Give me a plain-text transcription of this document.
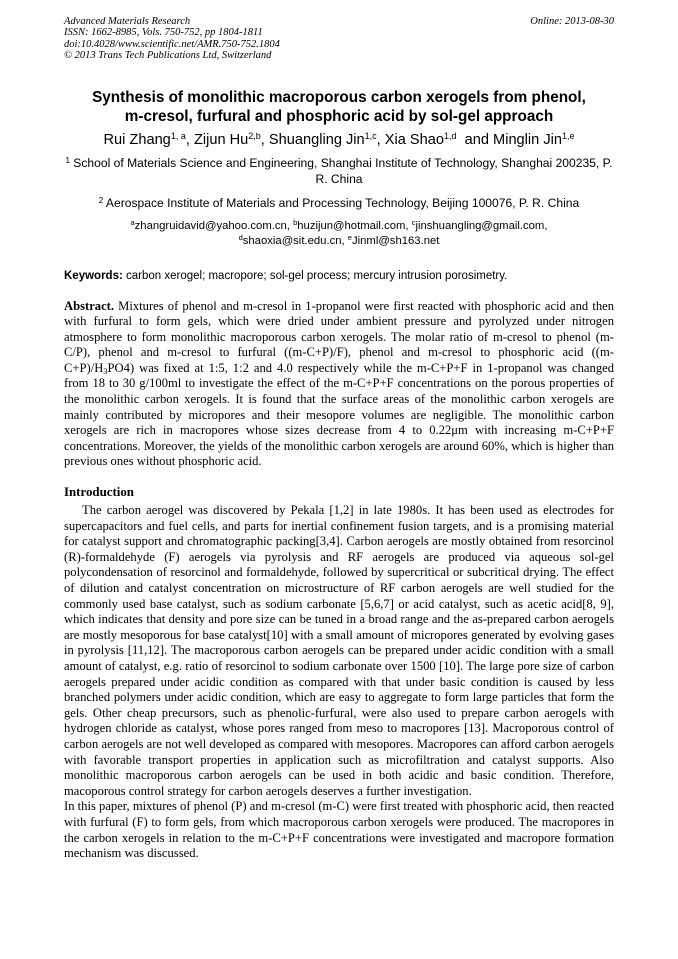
Advanced Materials Research
ISSN: 1662-8985, Vols. 750-752, pp 1804-1811
doi:10.4028/www.scientific.net/AMR.750-752.1804
© 2013 Trans Tech Publications Ltd, Switzerland
Online: 2013-08-30
Synthesis of monolithic macroporous carbon xerogels from phenol,
m-cresol, furfural and phosphoric acid by sol-gel approach
Rui Zhang$^{1, a}$, Zijun Hu$^{2,b}$, Shuangling Jin$^{1,c}$, Xia Shao$^{1,d}$  and Minglin Jin$^{1,e}$
$^1$ School of Materials Science and Engineering, Shanghai Institute of Technology, Shanghai 200235, P. R. China
$^2$ Aerospace Institute of Materials and Processing Technology, Beijing 100076, P. R. China
$^a$zhangruidavid@yahoo.com.cn, $^b$huzijun@hotmail.com, $^c$jinshuangling@gmail.com,
$^d$shaoxia@sit.edu.cn, $^e$Jinml@sh163.net
Keywords: carbon xerogel; macropore; sol-gel process; mercury intrusion porosimetry.
Abstract. Mixtures of phenol and m-cresol in 1-propanol were first reacted with phosphoric acid and then with furfural to form gels, which were dried under ambient pressure and pyrolyzed under nitrogen atmosphere to form monolithic macroporous carbon xerogels. The molar ratio of m-cresol to phenol (m-C/P), phenol and m-cresol to furfural ((m-C+P)/F), phenol and m-cresol to phosphoric acid $((m-C+P)/H_3PO4)$ was fixed at 1:5, 1:2 and 4.0 respectively while the m-C+P+F in 1-propanol was changed from 18 to 30 g/100ml to investigate the effect of the m-C+P+F concentrations on the porous properties of the monolithic carbon xerogels. It is found that the surface areas of the monolithic carbon xerogels are mainly contributed by micropores and their mesopore volumes are negligible. The monolithic carbon xerogels are rich in macropores whose sizes decrease from 4 to 0.22μm with increasing m-C+P+F concentrations. Moreover, the yields of the monolithic carbon xerogels are around 60%, which is higher than previous ones without phosphoric acid.
Introduction

The carbon aerogel was discovered by Pekala [1,2] in late 1980s. It has been used as electrodes for supercapacitors and fuel cells, and parts for inertial confinement fusion targets, and is a promising material for catalyst support and chromatographic packing[3,4]. Carbon aerogels are mostly obtained from resorcinol (R)-formaldehyde (F) aerogels via pyrolysis and RF aerogels are produced via aqueous sol-gel polycondensation of resorcinol and formaldehyde, followed by supercritical or subcritical drying. The effect of dilution and catalyst concentration on microstructure of RF carbon aerogels are well studied for the commonly used base catalyst, such as sodium carbonate [5,6,7] or acid catalyst, such as acetic acid[8, 9], which indicates that density and pore size can be tuned in a broad range and the as-prepared carbon aerogels are mostly mesoporous for base catalyst[10] with a small amount of micropores generated by evolving gases in pyrolysis [11,12]. The macroporous carbon aerogels can be prepared under acidic condition with a small amount of catalyst, e.g. ratio of resorcinol to sodium carbonate over 1500 [10]. The large pore size of carbon aerogels prepared under acidic condition as compared with that under basic condition is caused by less branched polymers under acidic condition, which are easy to aggregate to form large particles that form the gels. Other cheap precursors, such as phenolic-furfural, were also used to prepare carbon aerogels with hydrogen chloride as catalyst, whose pores ranged from meso to macropores [13]. Macroporous control of carbon aerogels are not well developed as compared with mesopores. Macropores can afford carbon aerogels with favorable transport properties in application such as microfiltration and catalyst supports. Also monolithic macroporous carbon aerogels can be used in both acidic and basic condition. Therefore, macoporous control strategy for carbon aerogels deserves a further investigation.

In this paper, mixtures of phenol (P) and m-cresol (m-C) were first treated with phosphoric acid, then reacted with furfural (F) to form gels, from which macroporous carbon xerogels were produced. The macropores in the carbon xerogels in relation to the m-C+P+F concentrations were investigated and macropore formation mechanism was discussed.
